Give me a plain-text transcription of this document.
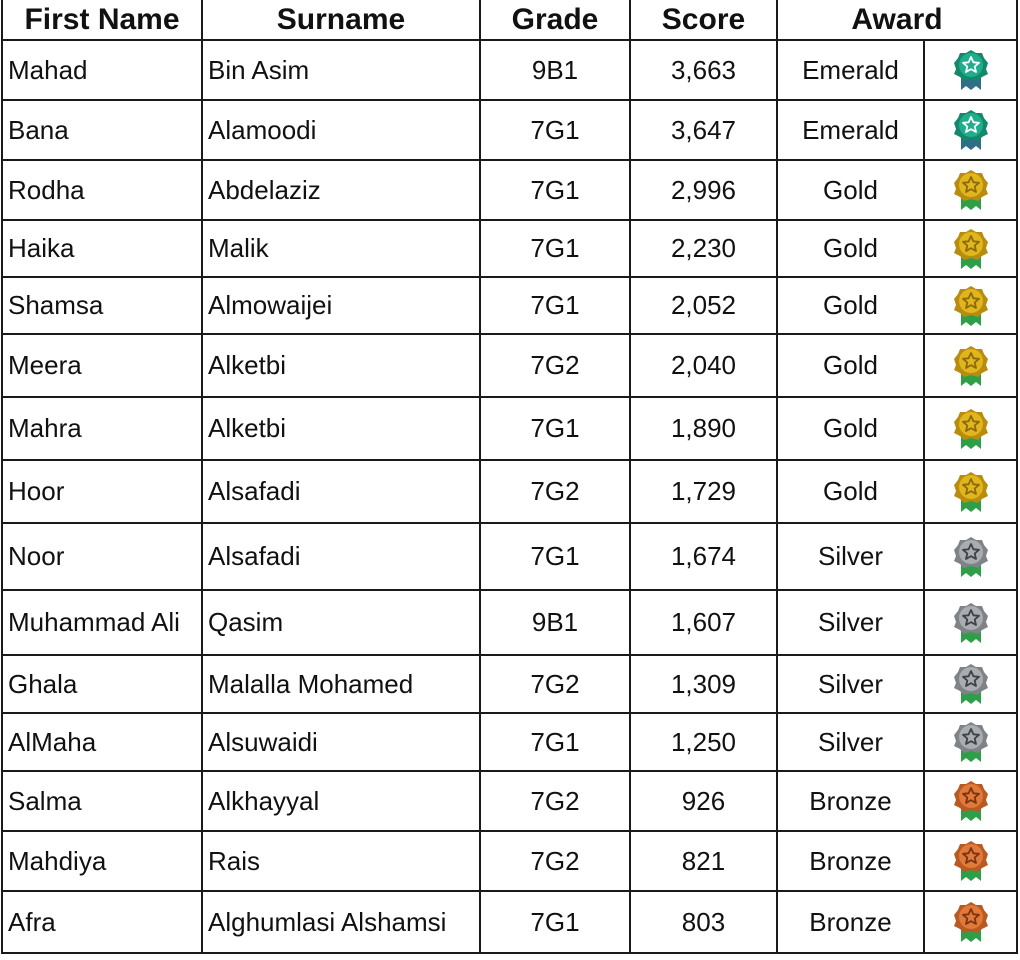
First Name	Surname	Grade	Score	Award	
Mahad	Bin Asim	9B1	3,663	Emerald	

Bana	Alamoodi	7G1	3,647	Emerald	

Rodha	Abdelaziz	7G1	2,996	Gold	

Haika	Malik	7G1	2,230	Gold	

Shamsa	Almowaijei	7G1	2,052	Gold	

Meera	Alketbi	7G2	2,040	Gold	

Mahra	Alketbi	7G1	1,890	Gold	

Hoor	Alsafadi	7G2	1,729	Gold	

Noor	Alsafadi	7G1	1,674	Silver	

Muhammad Ali	Qasim	9B1	1,607	Silver	

Ghala	Malalla Mohamed	7G2	1,309	Silver	

AlMaha	Alsuwaidi	7G1	1,250	Silver	

Salma	Alkhayyal	7G2	926	Bronze	

Mahdiya	Rais	7G2	821	Bronze	

Afra	Alghumlasi Alshamsi	7G1	803	Bronze	
